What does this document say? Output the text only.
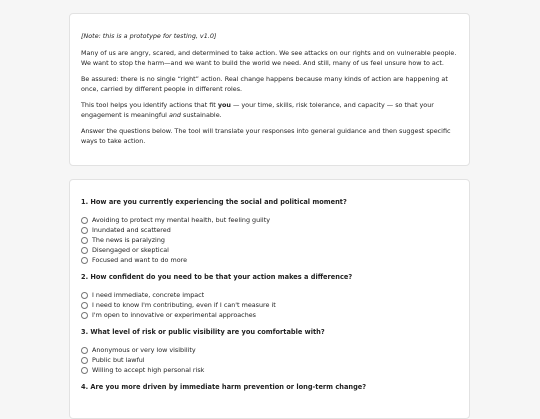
[Note: this is a prototype for testing, v1.0]

Many of us are angry, scared, and determined to take action. We see attacks on our rights and on vulnerable people. We want to stop the harm—and we want to build the world we need. And still, many of us feel unsure how to act.

Be assured: there is no single “right” action. Real change happens because many kinds of action are happening at once, carried by different people in different roles.

This tool helps you identify actions that fit you — your time, skills, risk tolerance, and capacity — so that your engagement is meaningful and sustainable.

Answer the questions below. The tool will translate your responses into general guidance and then suggest specific ways to take action.

1. How are you currently experiencing the social and political moment?

Avoiding to protect my mental health, but feeling guilty
Inundated and scattered
The news is paralyzing
Disengaged or skeptical
Focused and want to do more

2. How confident do you need to be that your action makes a difference?

I need immediate, concrete impact
I need to know I'm contributing, even if I can't measure it
I'm open to innovative or experimental approaches

3. What level of risk or public visibility are you comfortable with?

Anonymous or very low visibility
Public but lawful
Willing to accept high personal risk

4. Are you more driven by immediate harm prevention or long-term change?
